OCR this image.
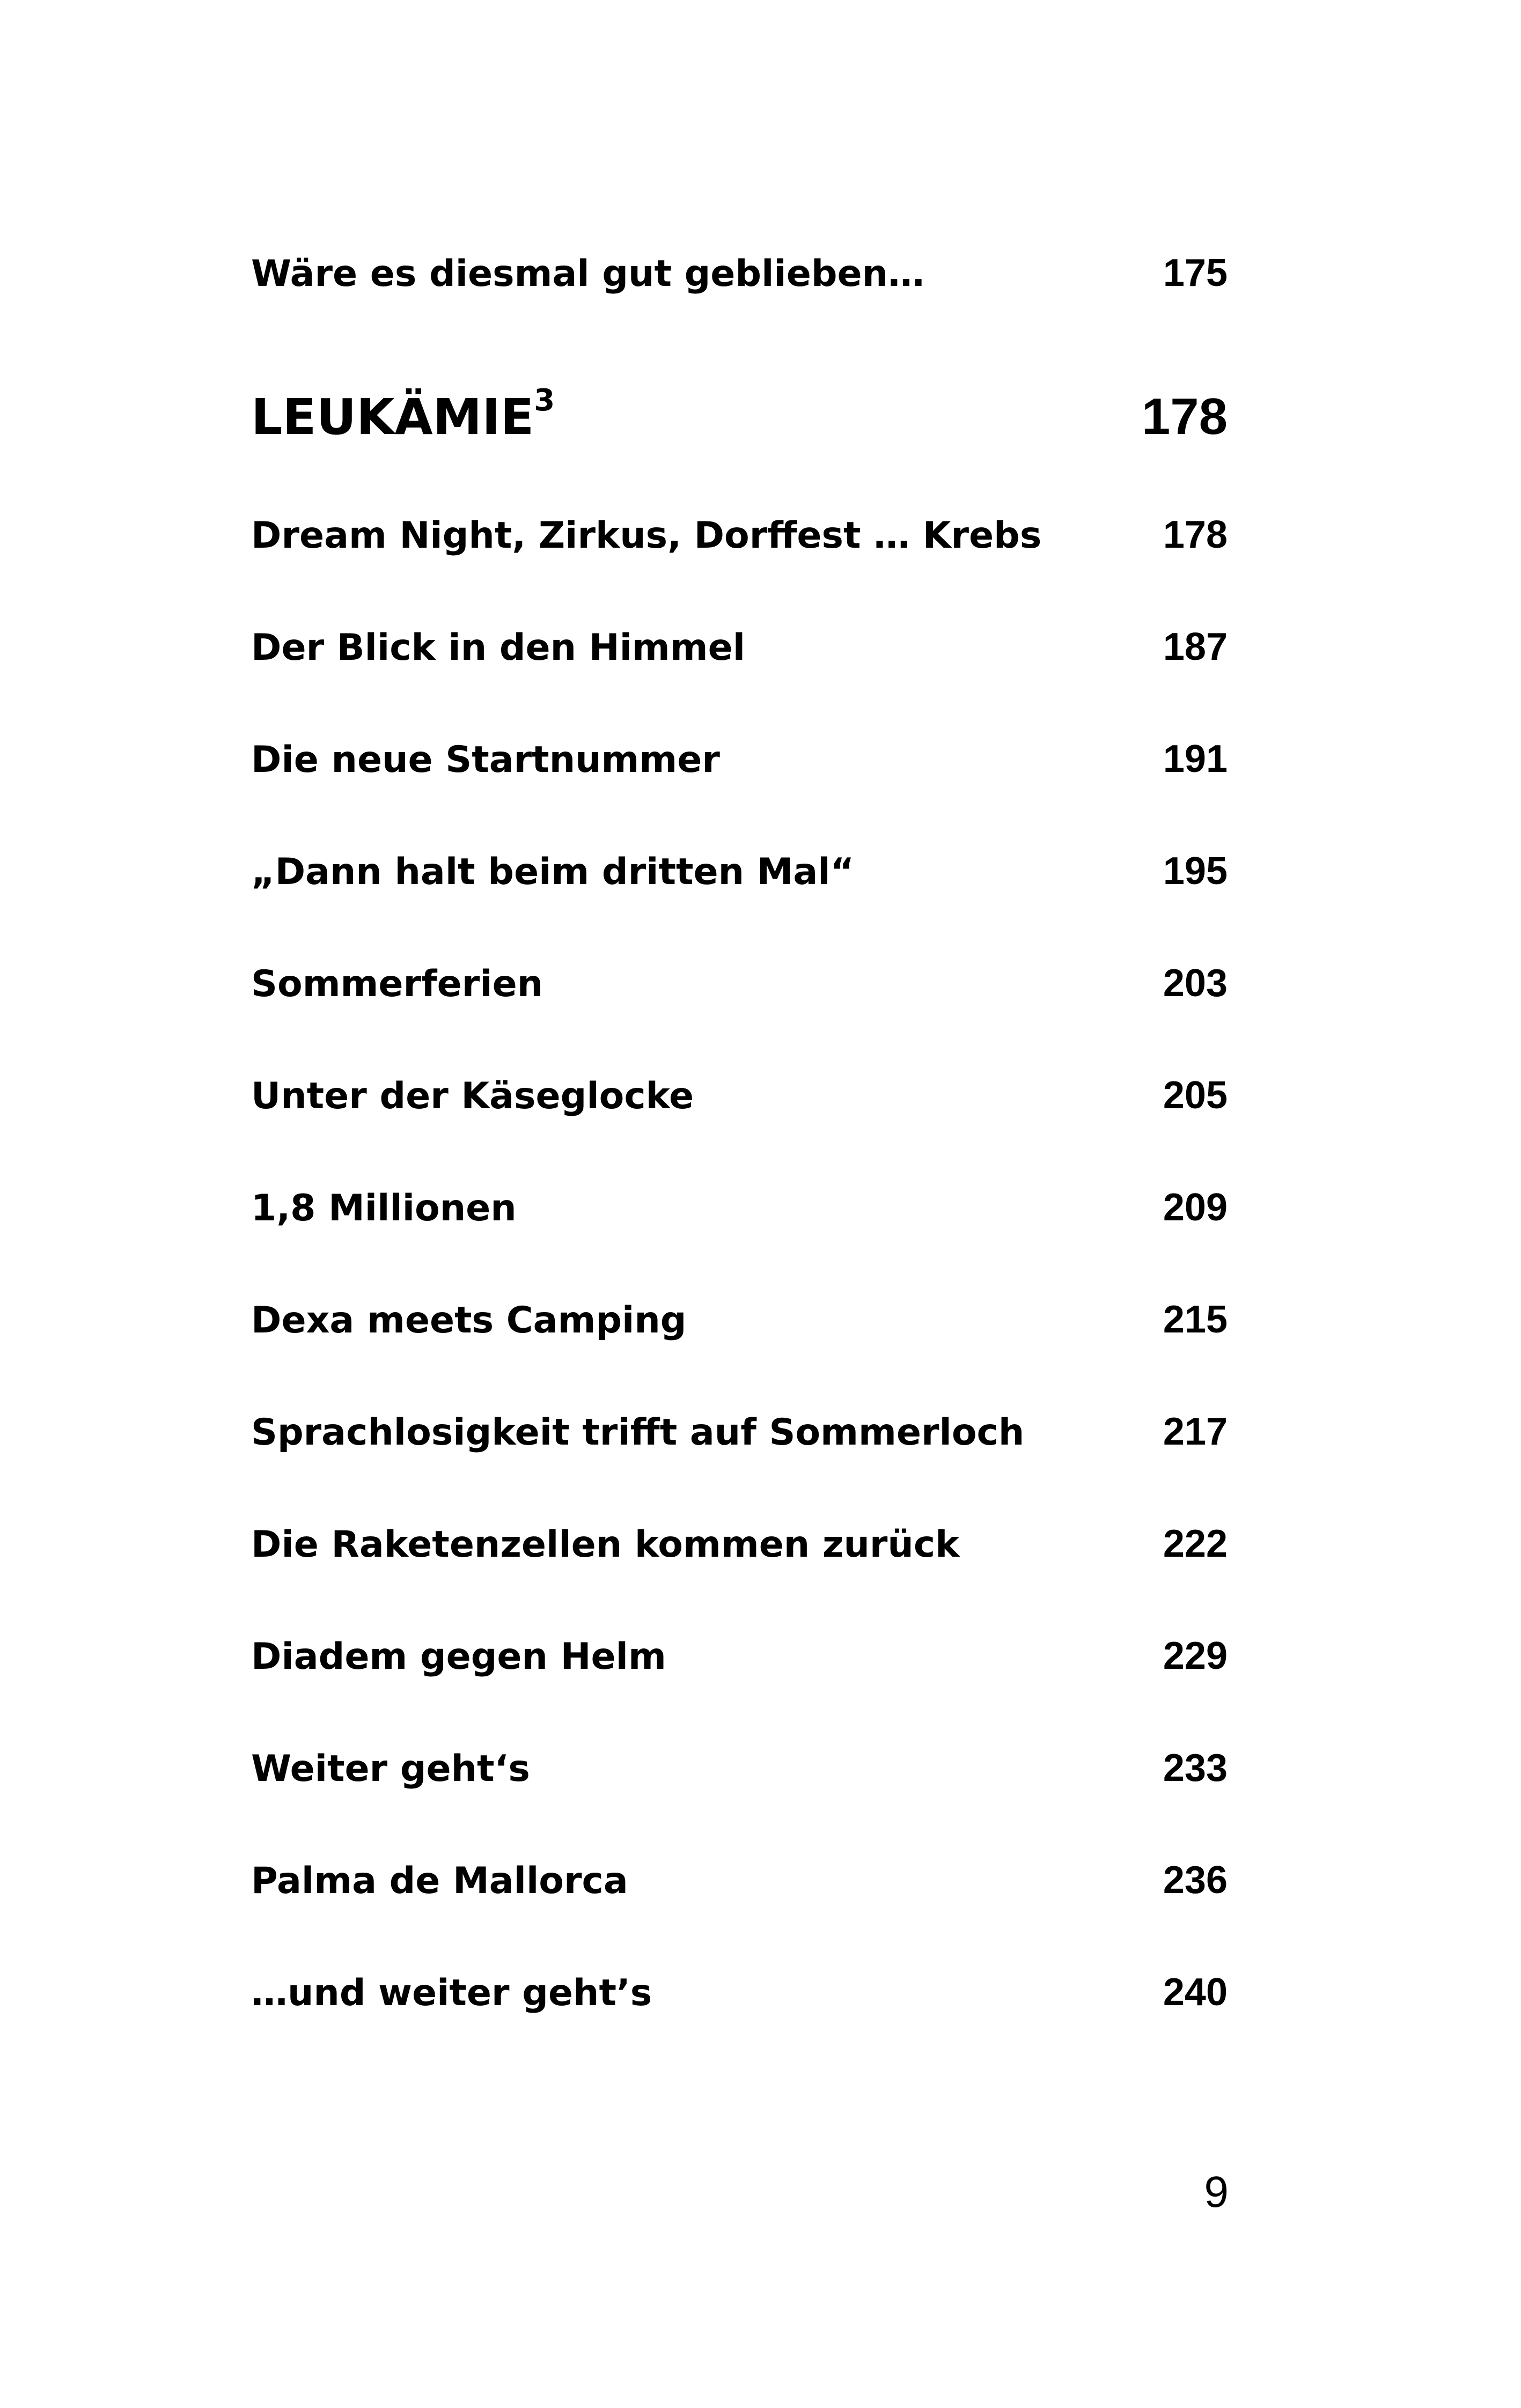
Wäre es diesmal gut geblieben…	175
LEUKÄMIE$^3$	178
Dream Night, Zirkus, Dorffest … Krebs	178
Der Blick in den Himmel	187
Die neue Startnummer	191
„Dann halt beim dritten Mal“	195
Sommerferien	203
Unter der Käseglocke	205
1,8 Millionen	209
Dexa meets Camping	215
Sprachlosigkeit trifft auf Sommerloch	217
Die Raketenzellen kommen zurück	222
Diadem gegen Helm	229
Weiter geht‘s	233
Palma de Mallorca	236
…und weiter geht’s	240
9
